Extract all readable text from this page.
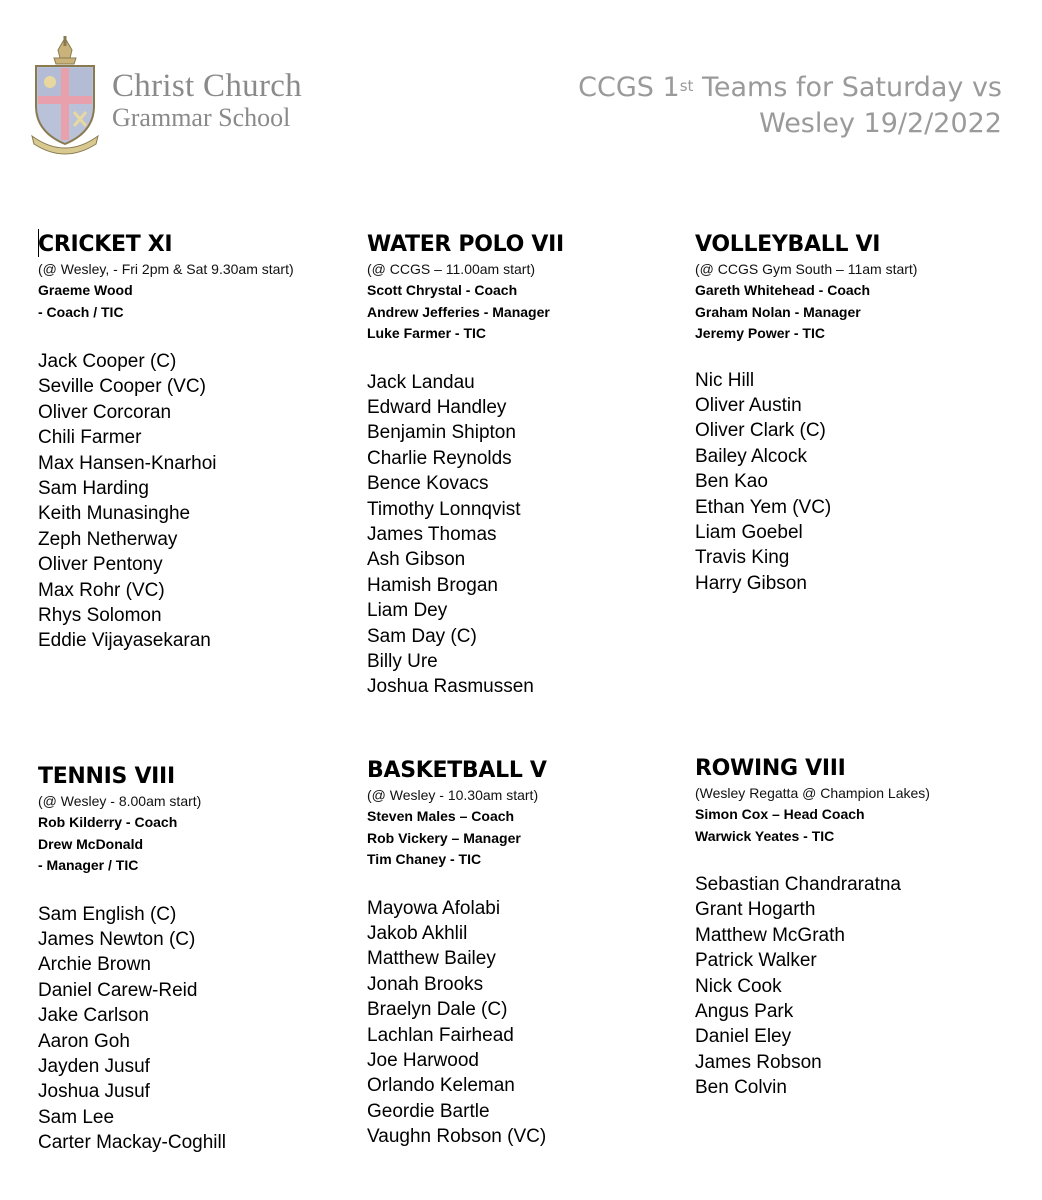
Christ Church
Grammar School
CCGS 1st Teams for Saturday vs
Wesley 19/2/2022
CRICKET XI
(@ Wesley, - Fri 2pm & Sat 9.30am start)
Graeme Wood
- Coach / TIC
Jack Cooper (C)
Seville Cooper (VC)
Oliver Corcoran
Chili Farmer
Max Hansen-Knarhoi
Sam Harding
Keith Munasinghe
Zeph Netherway
Oliver Pentony
Max Rohr (VC)
Rhys Solomon
Eddie Vijayasekaran
WATER POLO VII
(@ CCGS – 11.00am start)
Scott Chrystal - Coach
Andrew Jefferies - Manager
Luke Farmer - TIC
Jack Landau
Edward Handley
Benjamin Shipton
Charlie Reynolds
Bence Kovacs
Timothy Lonnqvist
James Thomas
Ash Gibson
Hamish Brogan
Liam Dey
Sam Day (C)
Billy Ure
Joshua Rasmussen
VOLLEYBALL VI
(@ CCGS Gym South – 11am start)
Gareth Whitehead - Coach
Graham Nolan - Manager
Jeremy Power - TIC
Nic Hill
Oliver Austin
Oliver Clark (C)
Bailey Alcock
Ben Kao
Ethan Yem (VC)
Liam Goebel
Travis King
Harry Gibson
TENNIS VIII
(@ Wesley - 8.00am start)
Rob Kilderry - Coach
Drew McDonald
- Manager / TIC
Sam English (C)
James Newton (C)
Archie Brown
Daniel Carew-Reid
Jake Carlson
Aaron Goh
Jayden Jusuf
Joshua Jusuf
Sam Lee
Carter Mackay-Coghill
BASKETBALL V
(@ Wesley - 10.30am start)
Steven Males – Coach
Rob Vickery – Manager
Tim Chaney - TIC
Mayowa Afolabi
Jakob Akhlil
Matthew Bailey
Jonah Brooks
Braelyn Dale (C)
Lachlan Fairhead
Joe Harwood
Orlando Keleman
Geordie Bartle
Vaughn Robson (VC)
ROWING VIII
(Wesley Regatta @ Champion Lakes)
Simon Cox – Head Coach
Warwick Yeates - TIC
Sebastian Chandraratna
Grant Hogarth
Matthew McGrath
Patrick Walker
Nick Cook
Angus Park
Daniel Eley
James Robson
Ben Colvin
